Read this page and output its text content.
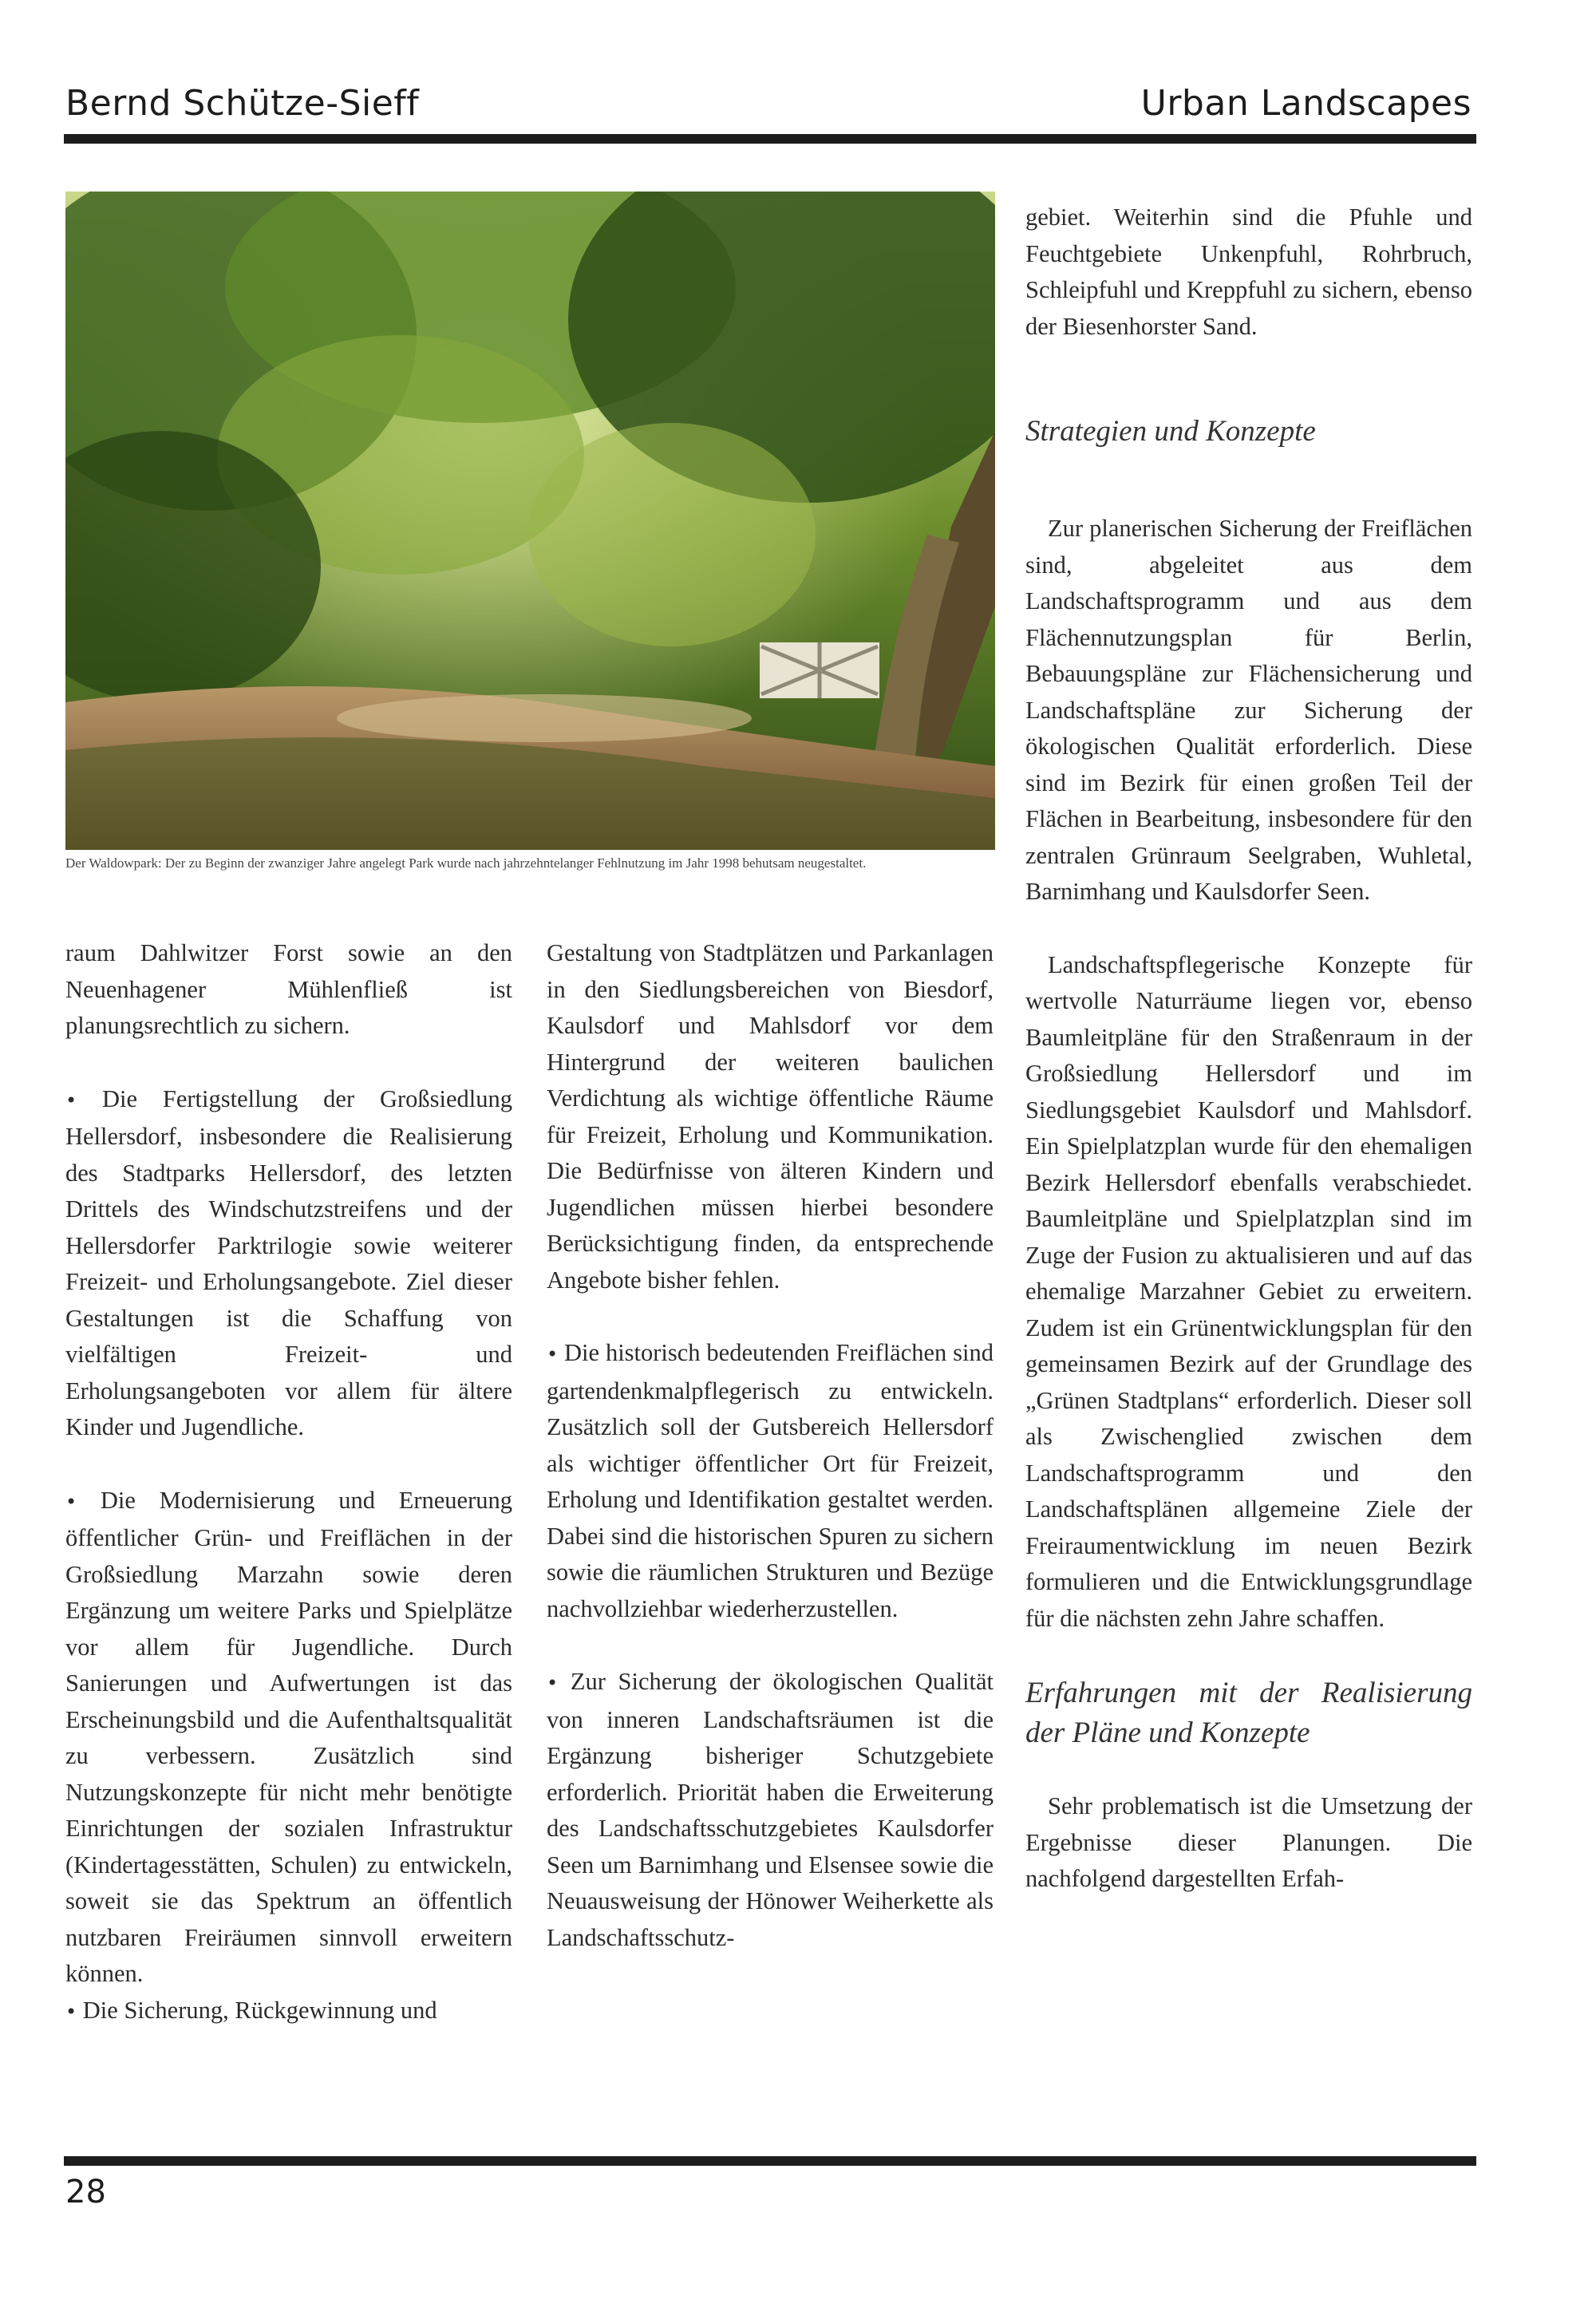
Bernd Schütze-Sieff	Urban Landscapes
Der Waldowpark: Der zu Beginn der zwanziger Jahre angelegt Park wurde nach jahrzehntelanger Fehlnutzung im Jahr 1998 behutsam neugestaltet.

raum Dahlwitzer Forst sowie an den Neuenhagener Mühlenfließ ist planungsrechtlich zu sichern.

• Die Fertigstellung der Großsiedlung Hellersdorf, insbesondere die Realisierung des Stadtparks Hellersdorf, des letzten Drittels des Windschutzstreifens und der Hellersdorfer Parktrilogie sowie weiterer Freizeit- und Erholungsangebote. Ziel dieser Gestaltungen ist die Schaffung von vielfältigen Freizeit- und Erholungsangeboten vor allem für ältere Kinder und Jugendliche.

• Die Modernisierung und Erneuerung öffentlicher Grün- und Freiflächen in der Großsiedlung Marzahn sowie deren Ergänzung um weitere Parks und Spielplätze vor allem für Jugendliche. Durch Sanierungen und Aufwertungen ist das Erscheinungsbild und die Aufenthaltsqualität zu verbessern. Zusätzlich sind Nutzungskonzepte für nicht mehr benötigte Einrichtungen der sozialen Infrastruktur (Kindertagesstätten, Schulen) zu entwickeln, soweit sie das Spektrum an öffentlich nutzbaren Freiräumen sinnvoll erweitern können.

• Die Sicherung, Rückgewinnung und

Gestaltung von Stadtplätzen und Parkanlagen in den Siedlungsbereichen von Biesdorf, Kaulsdorf und Mahlsdorf vor dem Hintergrund der weiteren baulichen Verdichtung als wichtige öffentliche Räume für Freizeit, Erholung und Kommunikation. Die Bedürfnisse von älteren Kindern und Jugendlichen müssen hierbei besondere Berücksichtigung finden, da entsprechende Angebote bisher fehlen.

• Die historisch bedeutenden Freiflächen sind gartendenkmalpflegerisch zu entwickeln. Zusätzlich soll der Gutsbereich Hellersdorf als wichtiger öffentlicher Ort für Freizeit, Erholung und Identifikation gestaltet werden. Dabei sind die historischen Spuren zu sichern sowie die räumlichen Strukturen und Bezüge nachvollziehbar wiederherzustellen.

• Zur Sicherung der ökologischen Qualität von inneren Landschaftsräumen ist die Ergänzung bisheriger Schutzgebiete erforderlich. Priorität haben die Erweiterung des Landschaftsschutzgebietes Kaulsdorfer Seen um Barnimhang und Elsensee sowie die Neuausweisung der Hönower Weiherkette als Landschaftsschutz-

gebiet. Weiterhin sind die Pfuhle und Feuchtgebiete Unkenpfuhl, Rohrbruch, Schleipfuhl und Kreppfuhl zu sichern, ebenso der Biesenhorster Sand.

Strategien und Konzepte

Zur planerischen Sicherung der Freiflächen sind, abgeleitet aus dem Landschaftsprogramm und aus dem Flächennutzungsplan für Berlin, Bebauungspläne zur Flächensicherung und Landschaftspläne zur Sicherung der ökologischen Qualität erforderlich. Diese sind im Bezirk für einen großen Teil der Flächen in Bearbeitung, insbesondere für den zentralen Grünraum Seelgraben, Wuhletal, Barnimhang und Kaulsdorfer Seen.

Landschaftspflegerische Konzepte für wertvolle Naturräume liegen vor, ebenso Baumleitpläne für den Straßenraum in der Großsiedlung Hellersdorf und im Siedlungsgebiet Kaulsdorf und Mahlsdorf. Ein Spielplatzplan wurde für den ehemaligen Bezirk Hellersdorf ebenfalls verabschiedet. Baumleitpläne und Spielplatzplan sind im Zuge der Fusion zu aktualisieren und auf das ehemalige Marzahner Gebiet zu erweitern. Zudem ist ein Grünentwicklungsplan für den gemeinsamen Bezirk auf der Grundlage des „Grünen Stadtplans“ erforderlich. Dieser soll als Zwischenglied zwischen dem Landschaftsprogramm und den Landschaftsplänen allgemeine Ziele der Freiraumentwicklung im neuen Bezirk formulieren und die Entwicklungsgrundlage für die nächsten zehn Jahre schaffen.

Erfahrungen mit der Realisierung der Pläne und Konzepte

Sehr problematisch ist die Umsetzung der Ergebnisse dieser Planungen. Die nachfolgend dargestellten Erfah-

28
